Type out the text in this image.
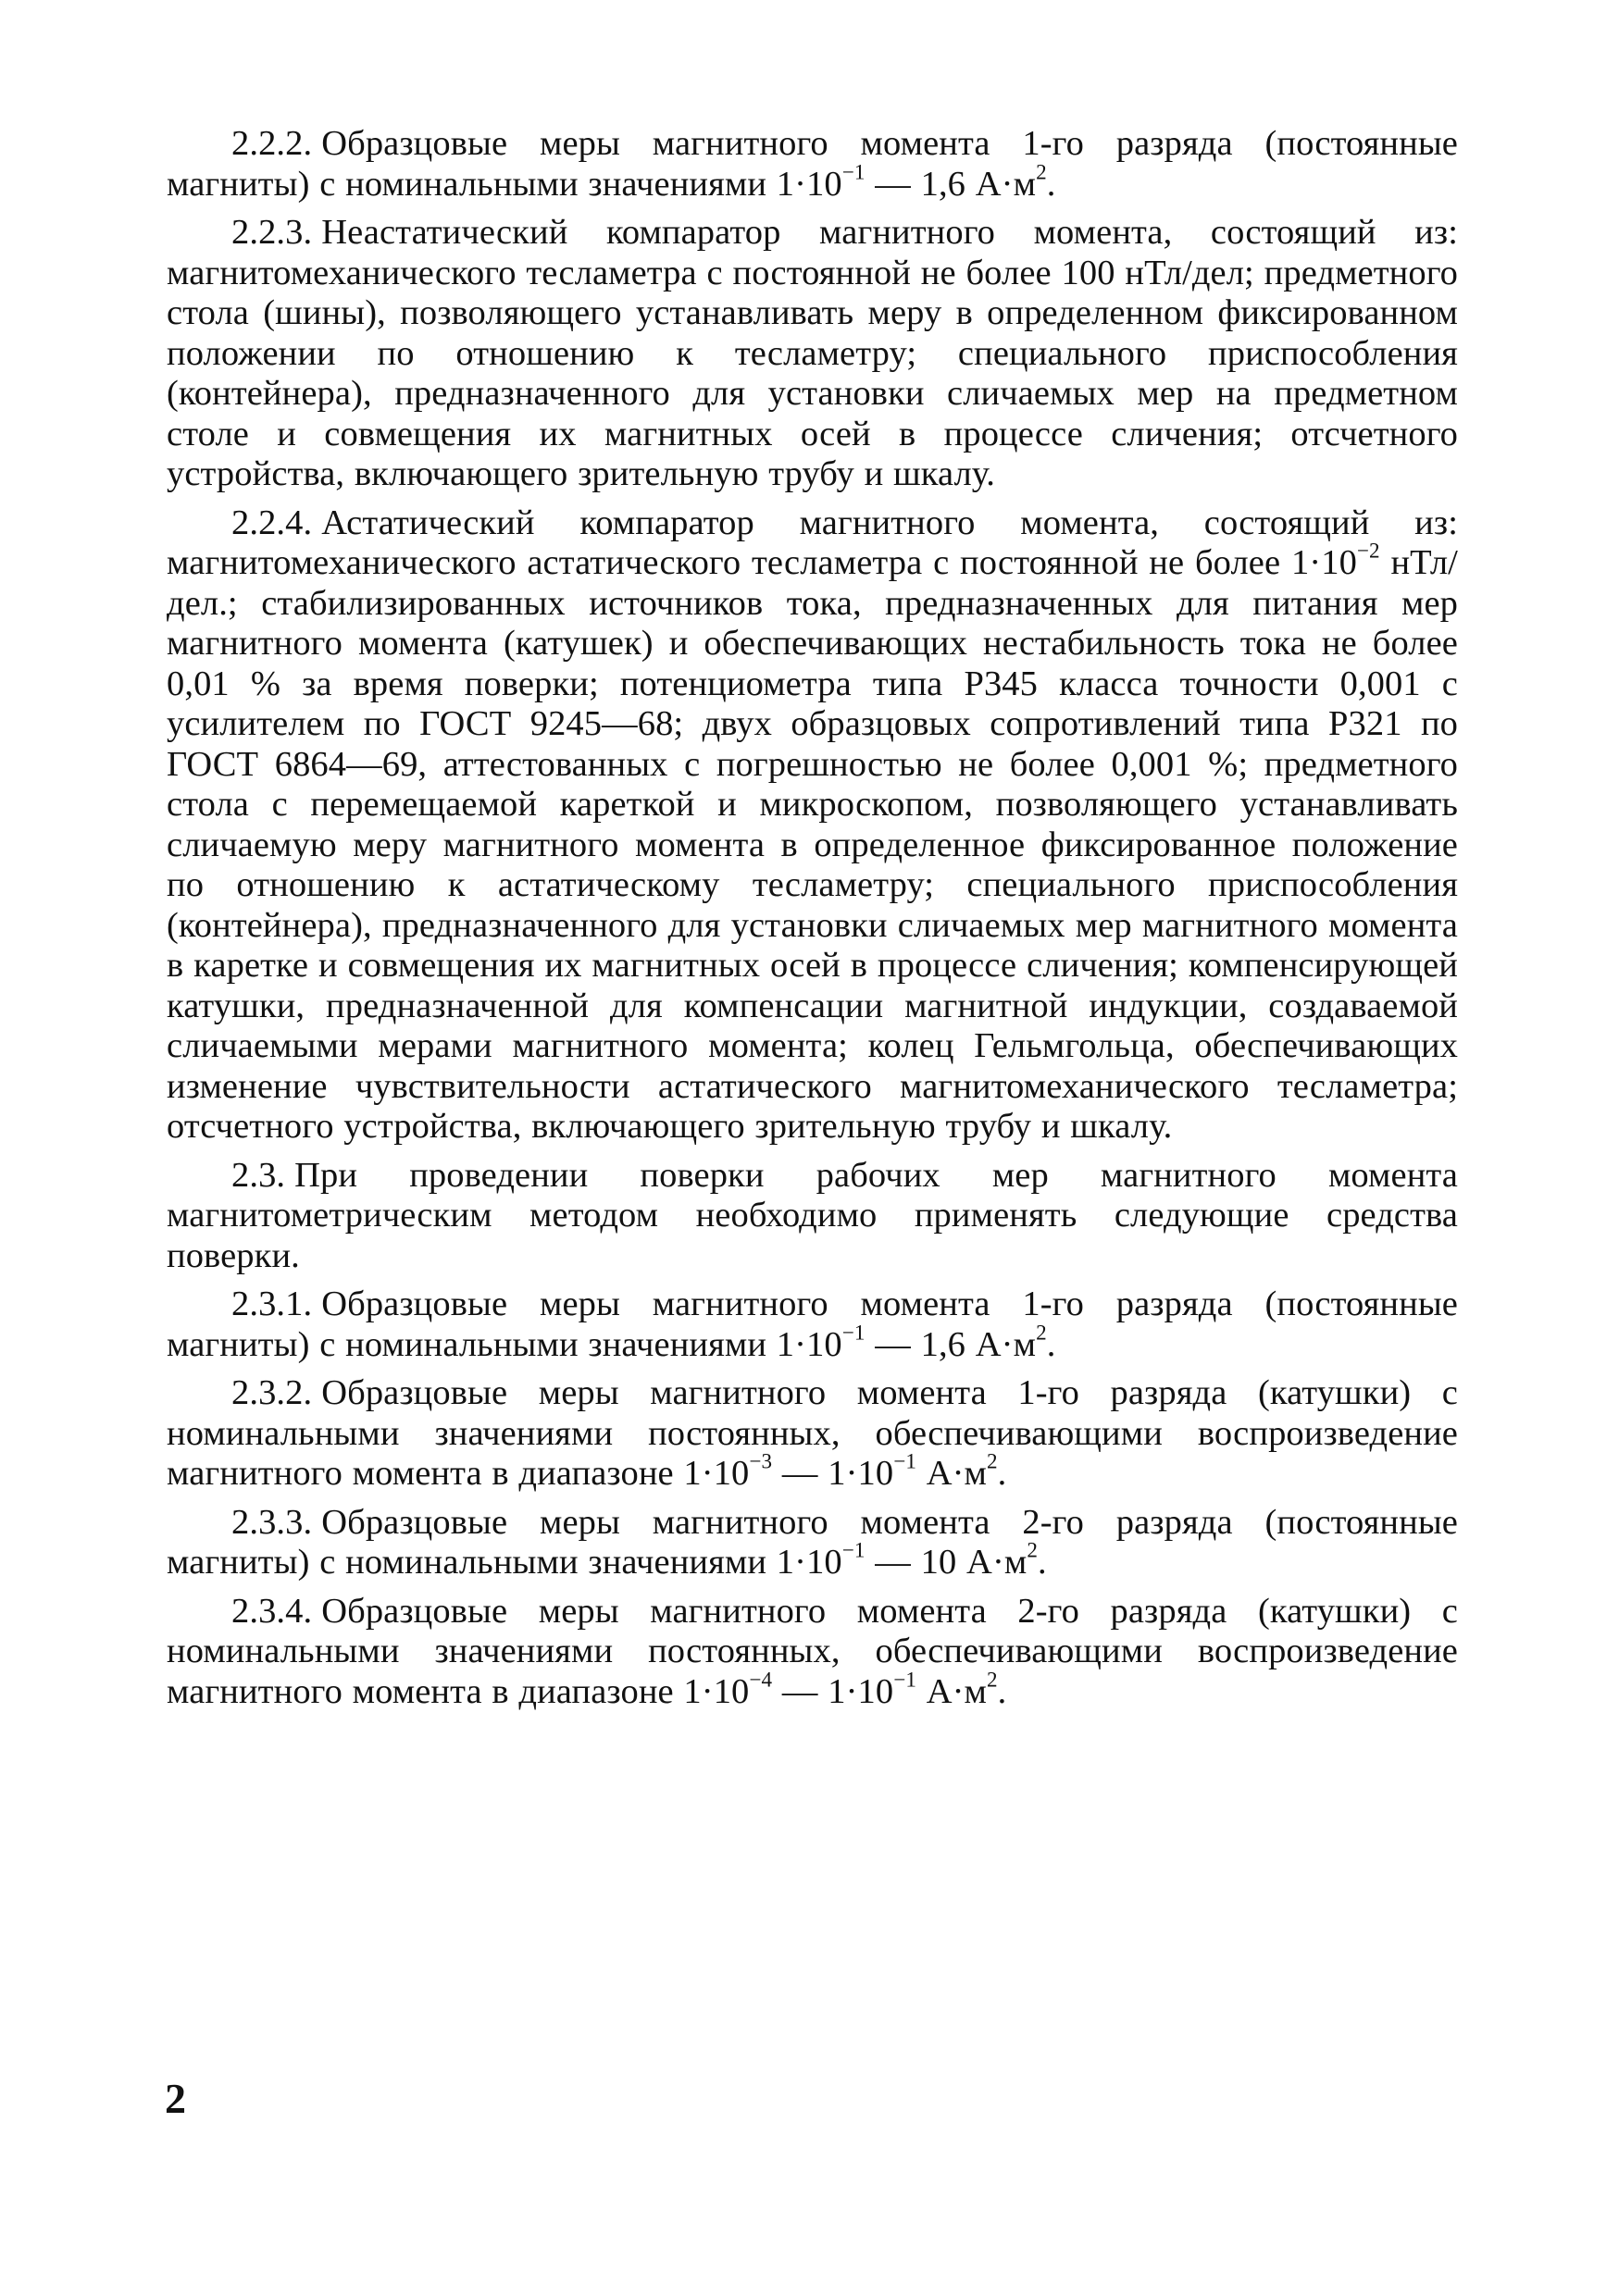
2.2.2. Образцовые меры магнитного момента 1-го разряда (постоянные магниты) с номинальными значениями $1\cdot 10^{-1}$ — 1,6 $А\cdot м^2$.

2.2.3. Неастатический компаратор магнитного момента, состоящий из: магнитомеханического тесламетра с постоянной не более 100 нТл/дел; предметного стола (шины), позволяющего устанавливать меру в определенном фиксированном положении по отношению к тесламетру; специального приспособления (контейнера), предназначенного для установки сличаемых мер на предметном столе и совмещения их магнитных осей в процессе сличения; отсчетного устройства, включающего зрительную трубу и шкалу.

2.2.4. Астатический компаратор магнитного момента, состоящий из: магнитомеханического астатического тесламетра с постоянной не более $1\cdot 10^{-2}$ нТл/дел.; стабилизированных источников тока, предназначенных для питания мер магнитного момента (катушек) и обеспечивающих нестабильность тока не более 0,01 % за время поверки; потенциометра типа Р345 класса точности 0,001 с усилителем по ГОСТ 9245—68; двух образцовых сопротивлений типа Р321 по ГОСТ 6864—69, аттестованных с погрешностью не более 0,001 %; предметного стола с перемещаемой кареткой и микроскопом, позволяющего устанавливать сличаемую меру магнитного момента в определенное фиксированное положение по отношению к астатическому тесламетру; специального приспособления (контейнера), предназначенного для установки сличаемых мер магнитного момента в каретке и совмещения их магнитных осей в процессе сличения; компенсирующей катушки, предназначенной для компенсации магнитной индукции, создаваемой сличаемыми мерами магнитного момента; колец Гельмгольца, обеспечивающих изменение чувствительности астатического магнитомеханического тесламетра; отсчетного устройства, включающего зрительную трубу и шкалу.

2.3. При проведении поверки рабочих мер магнитного момента магнитометрическим методом необходимо применять следующие средства поверки.

2.3.1. Образцовые меры магнитного момента 1-го разряда (постоянные магниты) с номинальными значениями $1\cdot 10^{-1}$ — 1,6 $А\cdot м^2$.

2.3.2. Образцовые меры магнитного момента 1-го разряда (катушки) с номинальными значениями постоянных, обеспечивающими воспроизведение магнитного момента в диапазоне $1\cdot 10^{-3}$ — $1\cdot 10^{-1}$ $А\cdot м^2$.

2.3.3. Образцовые меры магнитного момента 2-го разряда (постоянные магниты) с номинальными значениями $1\cdot 10^{-1}$ — 10 $А\cdot м^2$.

2.3.4. Образцовые меры магнитного момента 2-го разряда (катушки) с номинальными значениями постоянных, обеспечивающими воспроизведение магнитного момента в диапазоне $1\cdot 10^{-4}$ — $1\cdot 10^{-1}$ $А\cdot м^2$.

2
